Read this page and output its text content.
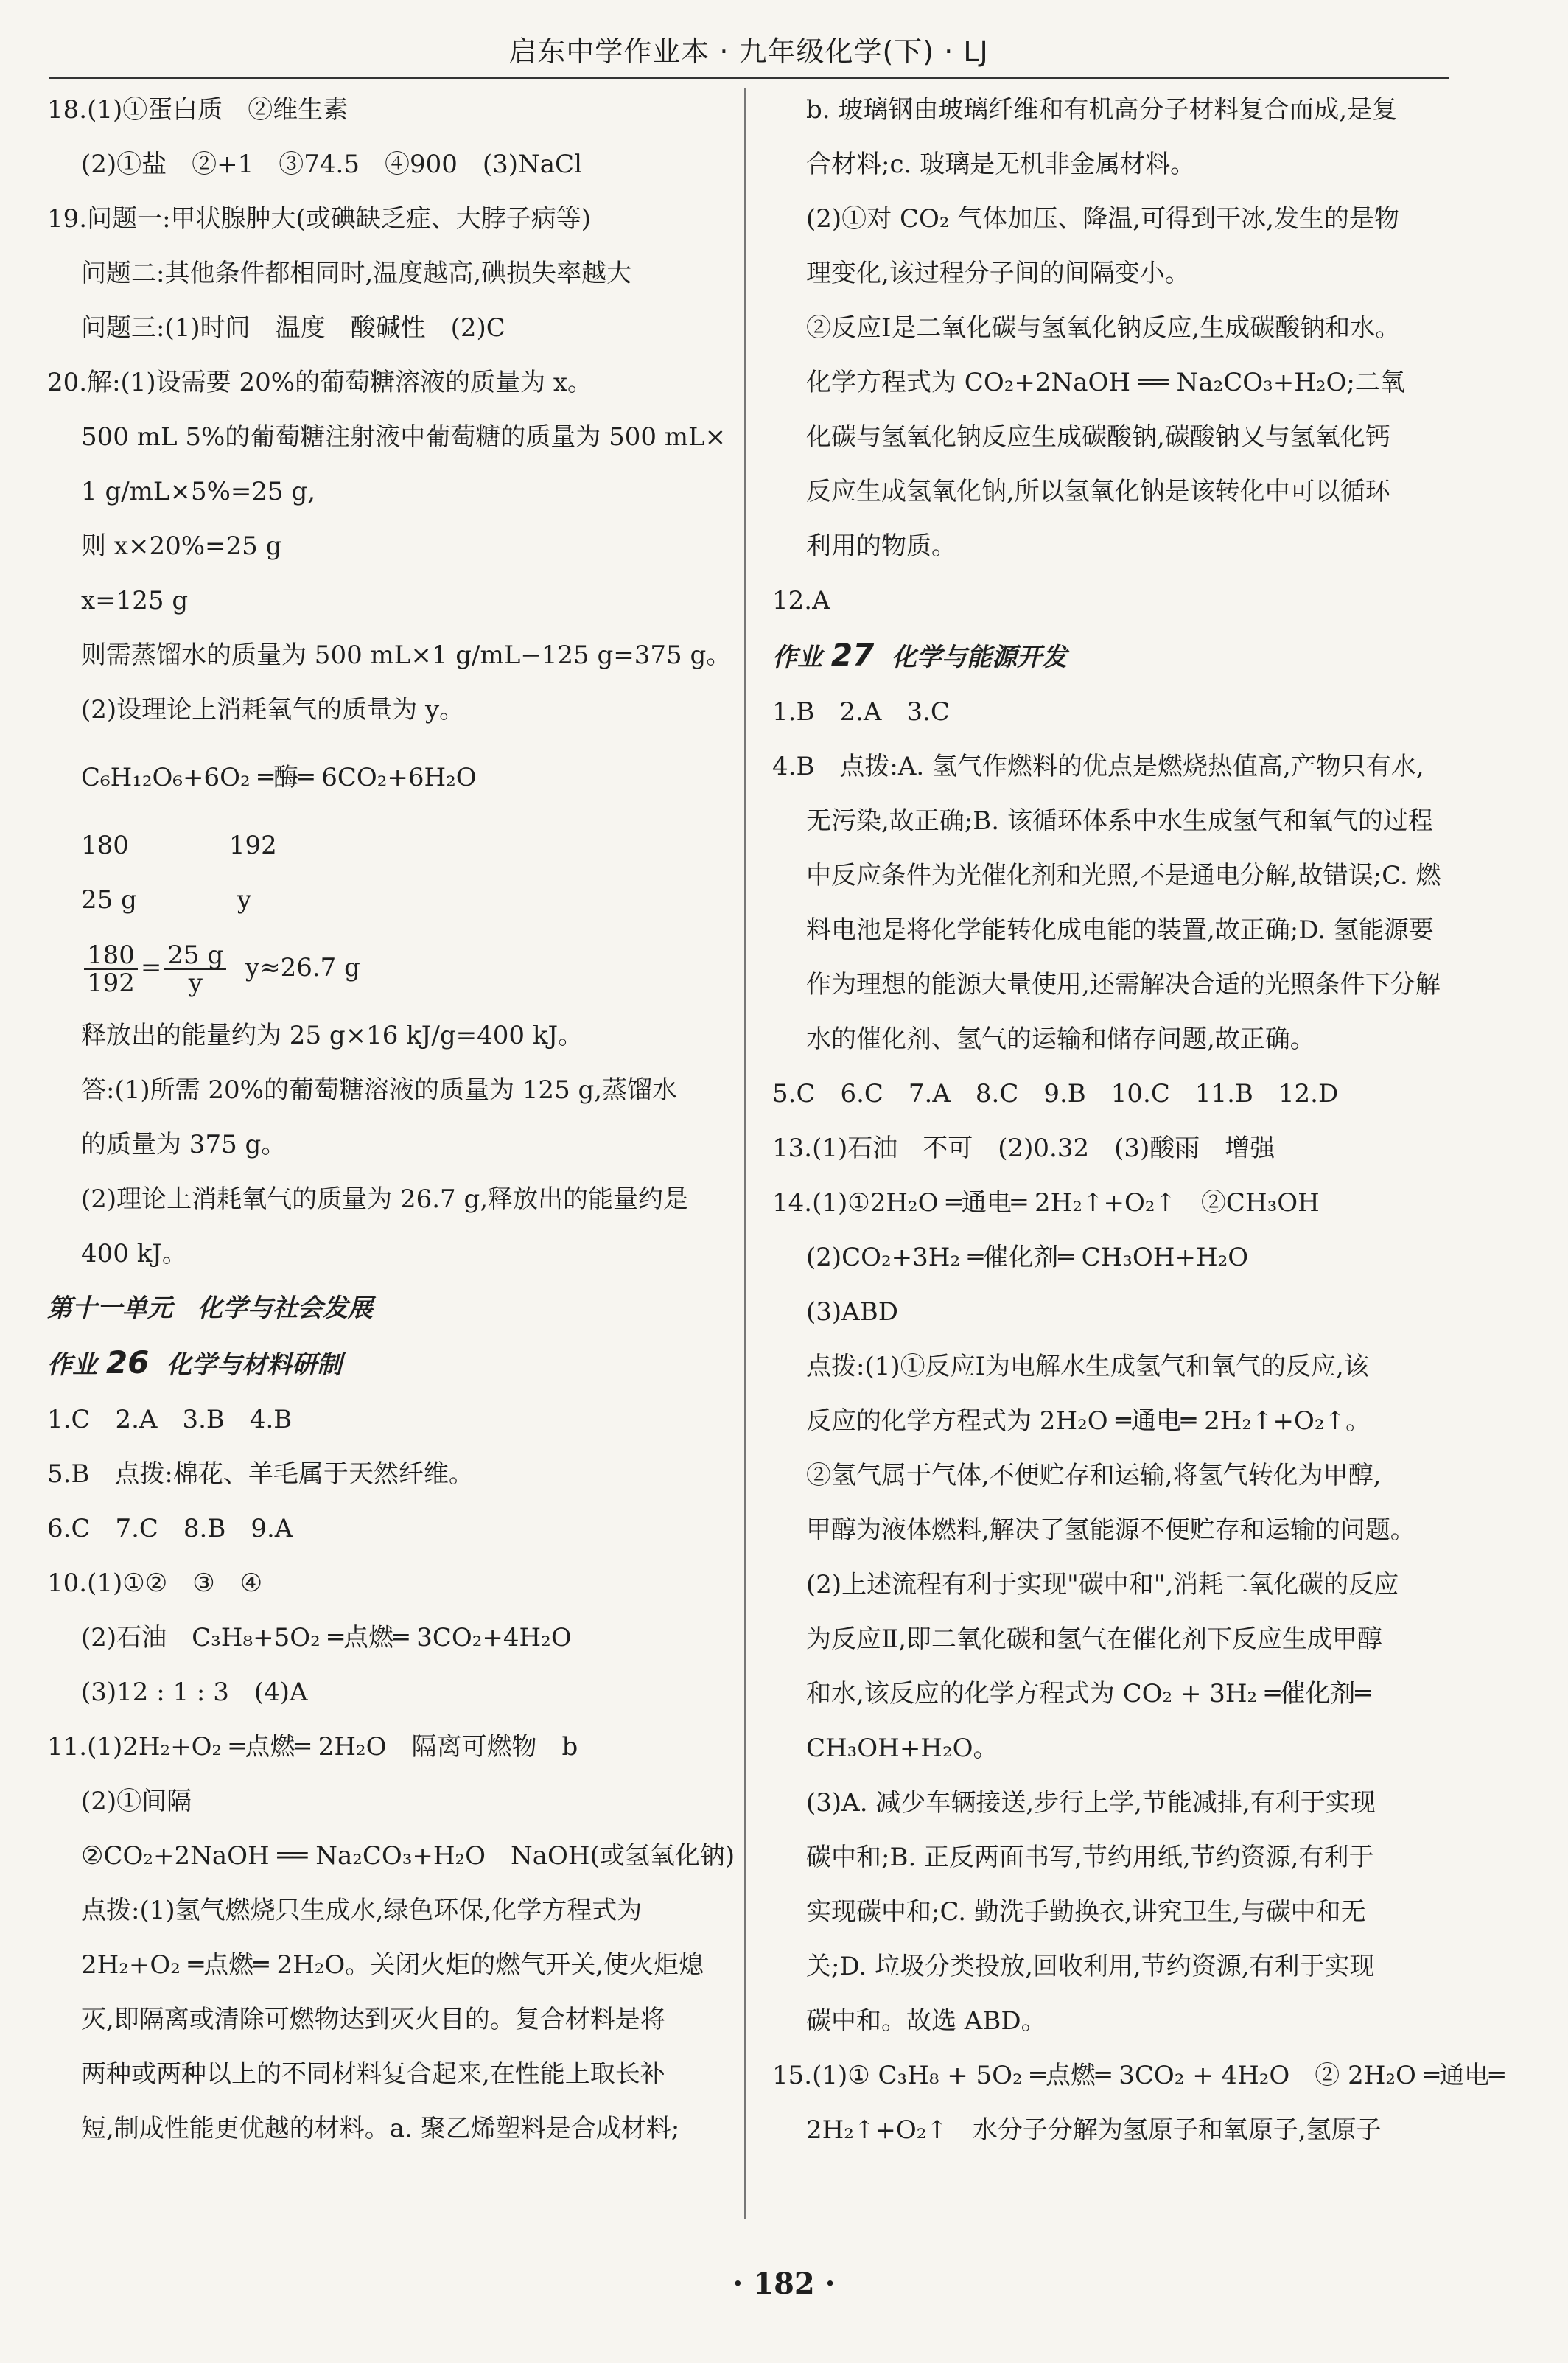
启东中学作业本 · 九年级化学(下) · LJ

18.(1)①蛋白质　②维生素

(2)①盐　②+1　③74.5　④900　(3)NaCl

19.问题一:甲状腺肿大(或碘缺乏症、大脖子病等)

问题二:其他条件都相同时,温度越高,碘损失率越大

问题三:(1)时间　温度　酸碱性　(2)C

20.解:(1)设需要 20%的葡萄糖溶液的质量为 x。

500 mL 5%的葡萄糖注射液中葡萄糖的质量为 500 mL×

1 g/mL×5%=25 g,

则 x×20%=25 g

x=125 g

则需蒸馏水的质量为 500 mL×1 g/mL−125 g=375 g。

(2)设理论上消耗氧气的质量为 y。

C₆H₁₂O₆+6O₂ ═酶═ 6CO₂+6H₂O

180　　　　192

25 g　　　　y

$\frac{180}{192} = \frac{25 g}{y} y\approx 26.7$ g

释放出的能量约为 25 g×16 kJ/g=400 kJ。

答:(1)所需 20%的葡萄糖溶液的质量为 125 g,蒸馏水

的质量为 375 g。

(2)理论上消耗氧气的质量为 26.7 g,释放出的能量约是

400 kJ。

第十一单元　化学与社会发展

作业 26 化学与材料研制

1.C　2.A　3.B　4.B

5.B　点拨:棉花、羊毛属于天然纤维。

6.C　7.C　8.B　9.A

10.(1)①②　③　④

(2)石油　C₃H₈+5O₂ ═点燃═ 3CO₂+4H₂O

(3)12 : 1 : 3　(4)A

11.(1)2H₂+O₂ ═点燃═ 2H₂O　隔离可燃物　b

(2)①间隔

②CO₂+2NaOH ══ Na₂CO₃+H₂O　NaOH(或氢氧化钠)

点拨:(1)氢气燃烧只生成水,绿色环保,化学方程式为

2H₂+O₂ ═点燃═ 2H₂O。关闭火炬的燃气开关,使火炬熄

灭,即隔离或清除可燃物达到灭火目的。复合材料是将

两种或两种以上的不同材料复合起来,在性能上取长补

短,制成性能更优越的材料。a. 聚乙烯塑料是合成材料;

b. 玻璃钢由玻璃纤维和有机高分子材料复合而成,是复

合材料;c. 玻璃是无机非金属材料。

(2)①对 CO₂ 气体加压、降温,可得到干冰,发生的是物

理变化,该过程分子间的间隔变小。

②反应Ⅰ是二氧化碳与氢氧化钠反应,生成碳酸钠和水。

化学方程式为 CO₂+2NaOH ══ Na₂CO₃+H₂O;二氧

化碳与氢氧化钠反应生成碳酸钠,碳酸钠又与氢氧化钙

反应生成氢氧化钠,所以氢氧化钠是该转化中可以循环

利用的物质。

12.A

作业 27 化学与能源开发

1.B　2.A　3.C

4.B　点拨:A. 氢气作燃料的优点是燃烧热值高,产物只有水,

无污染,故正确;B. 该循环体系中水生成氢气和氧气的过程

中反应条件为光催化剂和光照,不是通电分解,故错误;C. 燃

料电池是将化学能转化成电能的装置,故正确;D. 氢能源要

作为理想的能源大量使用,还需解决合适的光照条件下分解

水的催化剂、氢气的运输和储存问题,故正确。

5.C　6.C　7.A　8.C　9.B　10.C　11.B　12.D

13.(1)石油　不可　(2)0.32　(3)酸雨　增强

14.(1)①2H₂O ═通电═ 2H₂↑+O₂↑　②CH₃OH

(2)CO₂+3H₂ ═催化剂═ CH₃OH+H₂O

(3)ABD

点拨:(1)①反应Ⅰ为电解水生成氢气和氧气的反应,该

反应的化学方程式为 2H₂O ═通电═ 2H₂↑+O₂↑。

②氢气属于气体,不便贮存和运输,将氢气转化为甲醇,

甲醇为液体燃料,解决了氢能源不便贮存和运输的问题。

(2)上述流程有利于实现"碳中和",消耗二氧化碳的反应

为反应Ⅱ,即二氧化碳和氢气在催化剂下反应生成甲醇

和水,该反应的化学方程式为 CO₂ + 3H₂ ═催化剂═

CH₃OH+H₂O。

(3)A. 减少车辆接送,步行上学,节能减排,有利于实现

碳中和;B. 正反两面书写,节约用纸,节约资源,有利于

实现碳中和;C. 勤洗手勤换衣,讲究卫生,与碳中和无

关;D. 垃圾分类投放,回收利用,节约资源,有利于实现

碳中和。故选 ABD。

15.(1)① C₃H₈ + 5O₂ ═点燃═ 3CO₂ + 4H₂O　② 2H₂O ═通电═

2H₂↑+O₂↑　水分子分解为氢原子和氧原子,氢原子

· 182 ·
